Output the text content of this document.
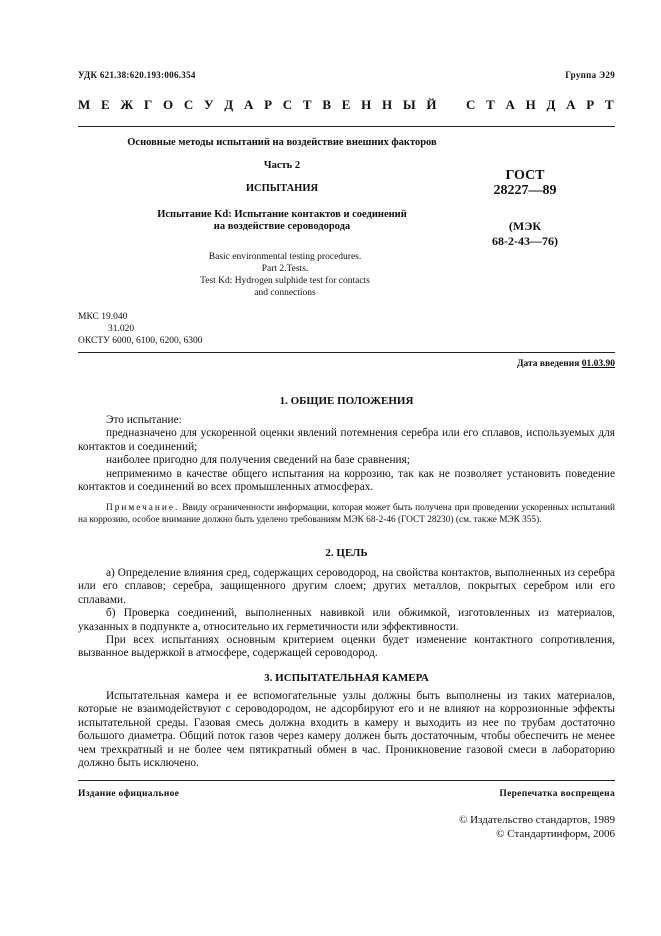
УДК 621.38:620.193:006.354	Группа Э29
М Е Ж Г О С У Д А Р С Т В Е Н Н Ы Й С Т А Н Д А Р Т
Основные методы испытаний на воздействие внешних факторов
Часть 2
ИСПЫТАНИЯ
Испытание Kd: Испытание контактов и соединений
на воздействие сероводорода
Basic environmental testing procedures.
Part 2.Tests.
Test Kd: Hydrogen sulphide test for contacts
and connections
ГОСТ
28227—89
(МЭК
68-2-43—76)
МКС 19.040
31.020
ОКСТУ 6000, 6100, 6200, 6300
Дата введения 01.03.90
1. ОБЩИЕ ПОЛОЖЕНИЯ

Это испытание:

предназначено для ускоренной оценки явлений потемнения серебра или его сплавов, используемых для контактов и соединений;

наиболее пригодно для получения сведений на базе сравнения;

неприменимо в качестве общего испытания на коррозию, так как не позволяет установить поведение контактов и соединений во всех промышленных атмосферах.

Примечание. Ввиду ограниченности информации, которая может быть получена при проведении ускоренных испытаний на коррозию, особое внимание должно быть уделено требованиям МЭК 68-2-46 (ГОСТ 28230) (см. также МЭК 355).

2. ЦЕЛЬ

а) Определение влияния сред, содержащих сероводород, на свойства контактов, выполненных из серебра или его сплавов; серебра, защищенного другим слоем; других металлов, покрытых серебром или его сплавами.

б) Проверка соединений, выполненных навивкой или обжимкой, изготовленных из материалов, указанных в подпункте а, относительно их герметичности или эффективности.

При всех испытаниях основным критерием оценки будет изменение контактного сопротивления, вызванное выдержкой в атмосфере, содержащей сероводород.

3. ИСПЫТАТЕЛЬНАЯ КАМЕРА

Испытательная камера и ее вспомогательные узлы должны быть выполнены из таких материалов, которые не взаимодействуют с сероводородом, не адсорбируют его и не влияют на коррозионные эффекты испытательной среды. Газовая смесь должна входить в камеру и выходить из нее по трубам достаточно большого диаметра. Общий поток газов через камеру должен быть достаточным, чтобы обеспечить не менее чем трехкратный и не более чем пятикратный обмен в час. Проникновение газовой смеси в лабораторию должно быть исключено.

Издание официальное	Перепечатка воспрещена
© Издательство стандартов, 1989
© Стандартинформ, 2006
